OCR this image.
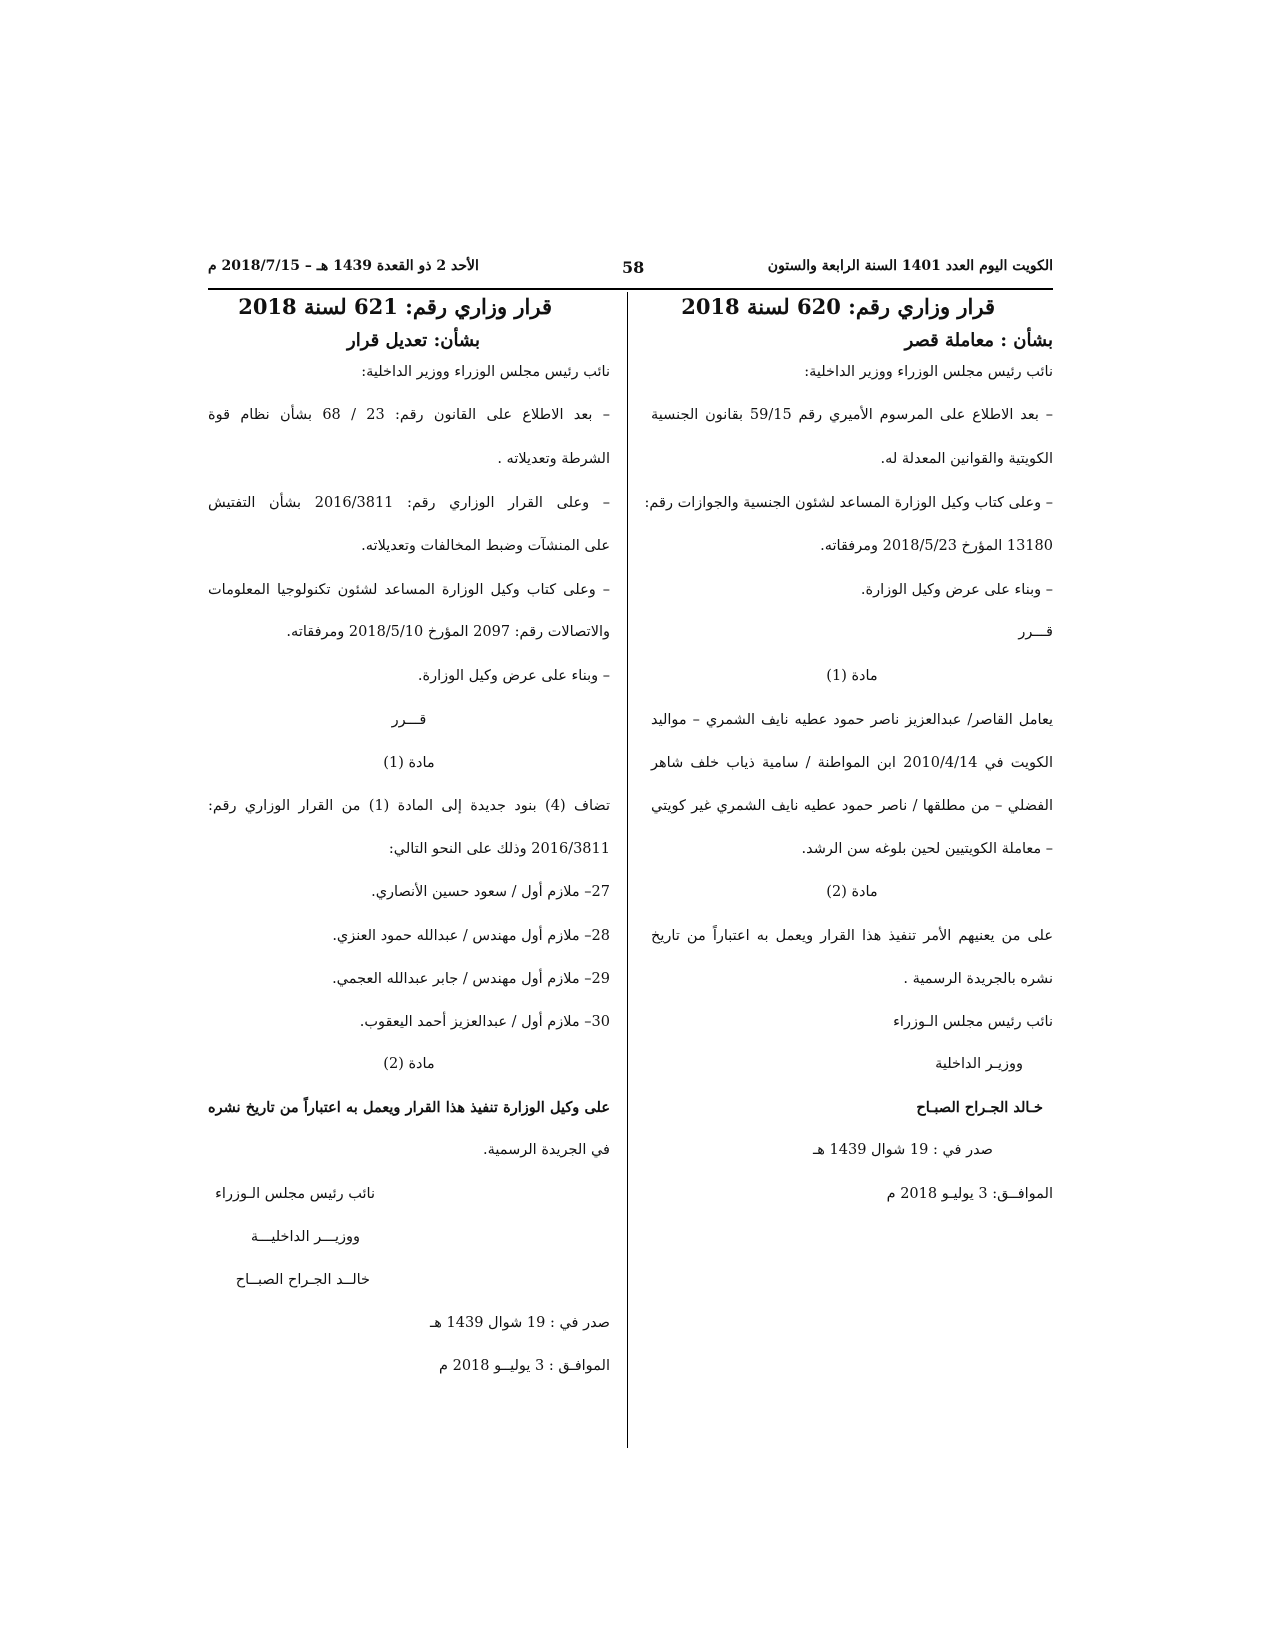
الكويت اليوم العدد 1401 السنة الرابعة والستون
58
الأحد 2 ذو القعدة 1439 هـ – 2018/7/15 م
قرار وزاري رقم: 620 لسنة 2018
بشأن : معاملة قصر
نائب رئيس مجلس الوزراء ووزير الداخلية:
– بعد الاطلاع على المرسوم الأميري رقم 59/15 بقانون الجنسية
الكويتية والقوانين المعدلة له.
– وعلى كتاب وكيل الوزارة المساعد لشئون الجنسية والجوازات رقم:
13180 المؤرخ 2018/5/23 ومرفقاته.
– وبناء على عرض وكيل الوزارة.
قـــرر
مادة (1)
يعامل القاصر/ عبدالعزيز ناصر حمود عطيه نايف الشمري – مواليد
الكويت في 2010/4/14 ابن المواطنة / سامية ذياب خلف شاهر
الفضلي – من مطلقها / ناصر حمود عطيه نايف الشمري غير كويتي
– معاملة الكويتيين لحين بلوغه سن الرشد.
مادة (2)
على من يعنيهم الأمر تنفيذ هذا القرار ويعمل به اعتباراً من تاريخ
نشره بالجريدة الرسمية .
نائب رئيس مجلس الـوزراء
ووزيـر الداخلية
خـالد الجـراح الصبـاح
صدر في : 19 شوال 1439 هـ
الموافــق: 3 يوليـو 2018 م
قرار وزاري رقم: 621 لسنة 2018
بشأن: تعديل قرار
نائب رئيس مجلس الوزراء ووزير الداخلية:
– بعد الاطلاع على القانون رقم: 23 / 68 بشأن نظام قوة
الشرطة وتعديلاته .
– وعلى القرار الوزاري رقم: 2016/3811 بشأن التفتيش
على المنشآت وضبط المخالفات وتعديلاته.
– وعلى كتاب وكيل الوزارة المساعد لشئون تكنولوجيا المعلومات
والاتصالات رقم: 2097 المؤرخ 2018/5/10 ومرفقاته.
– وبناء على عرض وكيل الوزارة.
قـــرر
مادة (1)
تضاف (4) بنود جديدة إلى المادة (1) من القرار الوزاري رقم:
2016/3811 وذلك على النحو التالي:
27– ملازم أول / سعود حسين الأنصاري.
28– ملازم أول مهندس / عبدالله حمود العنزي.
29– ملازم أول مهندس / جابر عبدالله العجمي.
30– ملازم أول / عبدالعزيز أحمد اليعقوب.
مادة (2)
على وكيل الوزارة تنفيذ هذا القرار ويعمل به اعتباراً من تاريخ نشره
في الجريدة الرسمية.
نائب رئيس مجلس الـوزراء
ووزيـــر الداخليـــة
خالــد الجـراح الصبــاح
صدر في : 19 شوال 1439 هـ
الموافـق : 3 يوليــو 2018 م
